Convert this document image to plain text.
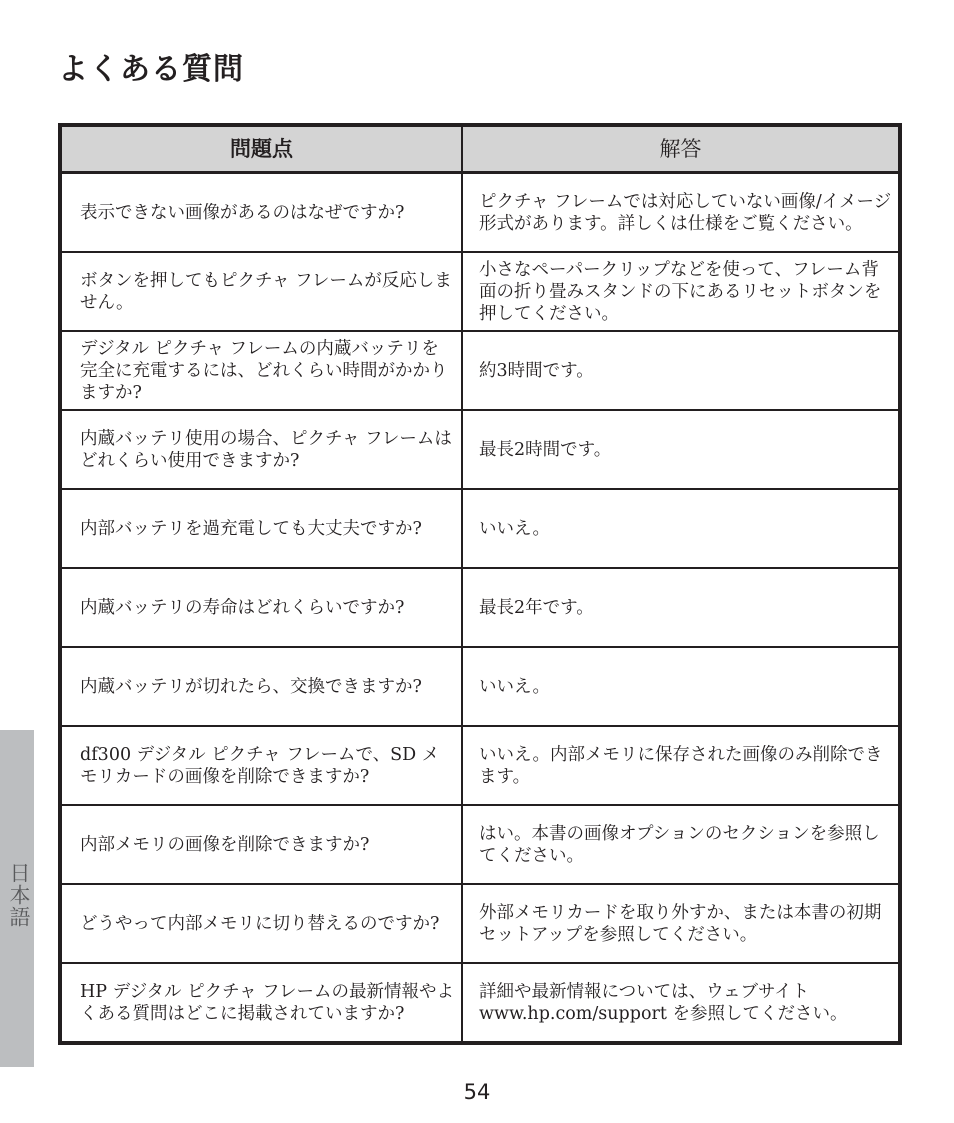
よくある質問
問題点	解答
表示できない画像があるのはなぜですか?	ピクチャ フレームでは対応していない画像/イメージ形式があります。詳しくは仕様をご覧ください。
ボタンを押してもピクチャ フレームが反応しません。	小さなペーパークリップなどを使って、フレーム背面の折り畳みスタンドの下にあるリセットボタンを押してください。
デジタル ピクチャ フレームの内蔵バッテリを完全に充電するには、どれくらい時間がかかりますか?	約3時間です。
内蔵バッテリ使用の場合、ピクチャ フレームはどれくらい使用できますか?	最長2時間です。
内部バッテリを過充電しても大丈夫ですか?	いいえ。
内蔵バッテリの寿命はどれくらいですか?	最長2年です。
内蔵バッテリが切れたら、交換できますか?	いいえ。
df300 デジタル ピクチャ フレームで、SD メモリカードの画像を削除できますか?	いいえ。内部メモリに保存された画像のみ削除できます。
内部メモリの画像を削除できますか?	はい。本書の画像オプションのセクションを参照してください。
どうやって内部メモリに切り替えるのですか?	外部メモリカードを取り外すか、または本書の初期セットアップを参照してください。
HP デジタル ピクチャ フレームの最新情報やよくある質問はどこに掲載されていますか?	詳細や最新情報については、ウェブサイトwww.hp.com/support を参照してください。
日本語
54
